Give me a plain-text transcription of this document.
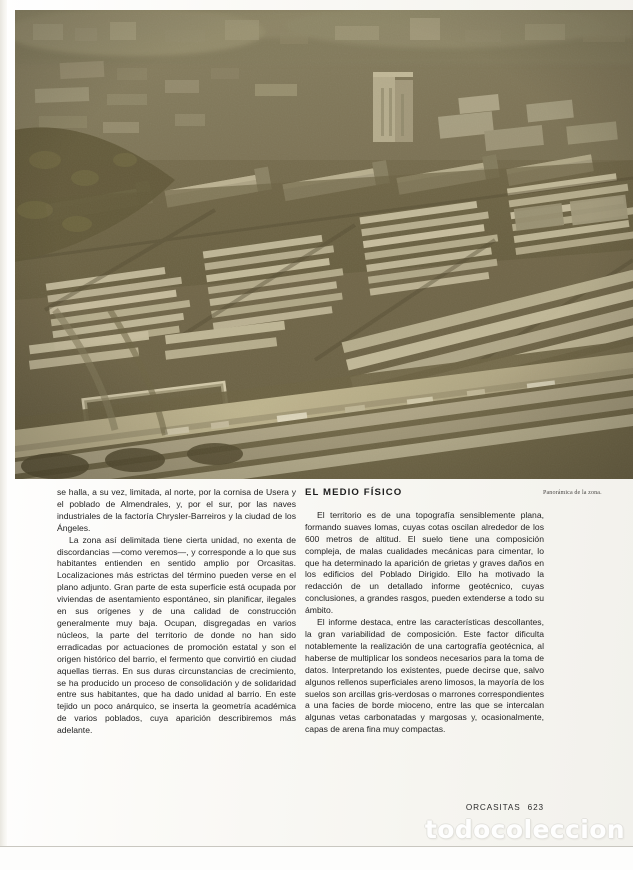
Panorámica de la zona.

se halla, a su vez, limitada, al norte, por la cornisa de Usera y el poblado de Almendrales, y, por el sur, por las naves industriales de la factoría Chrysler-Barreiros y la ciudad de los Ángeles.

La zona así delimitada tiene cierta unidad, no exenta de discordancias —como veremos—, y corresponde a lo que sus habitantes entienden en sentido amplio por Orcasitas. Localizaciones más estrictas del término pueden verse en el plano adjunto. Gran parte de esta superficie está ocupada por viviendas de asentamiento espontáneo, sin planificar, ilegales en sus orígenes y de una calidad de construcción generalmente muy baja. Ocupan, disgregadas en varios núcleos, la parte del territorio de donde no han sido erradicadas por actuaciones de promoción estatal y son el origen histórico del barrio, el fermento que convirtió en ciudad aquellas tierras. En sus duras circunstancias de crecimiento, se ha producido un proceso de consolidación y de solidaridad entre sus habitantes, que ha dado unidad al barrio. En este tejido un poco anárquico, se inserta la geometría académica de varios poblados, cuya aparición describiremos más adelante.

EL MEDIO FÍSICO

El territorio es de una topografía sensiblemente plana, formando suaves lomas, cuyas cotas oscilan alrededor de los 600 metros de altitud. El suelo tiene una composición compleja, de malas cualidades mecánicas para cimentar, lo que ha determinado la aparición de grietas y graves daños en los edificios del Poblado Dirigido. Ello ha motivado la redacción de un detallado informe geotécnico, cuyas conclusiones, a grandes rasgos, pueden extenderse a todo su ámbito.

El informe destaca, entre las características descollantes, la gran variabilidad de composición. Este factor dificulta notablemente la realización de una cartografía geotécnica, al haberse de multiplicar los sondeos necesarios para la toma de datos. Interpretando los existentes, puede decirse que, salvo algunos rellenos superficiales areno limosos, la mayoría de los suelos son arcillas gris-verdosas o marrones correspondientes a una facies de borde mioceno, entre las que se intercalan algunas vetas carbonatadas y margosas y, ocasionalmente, capas de arena fina muy compactas.

ORCASITAS 623
todocoleccion
